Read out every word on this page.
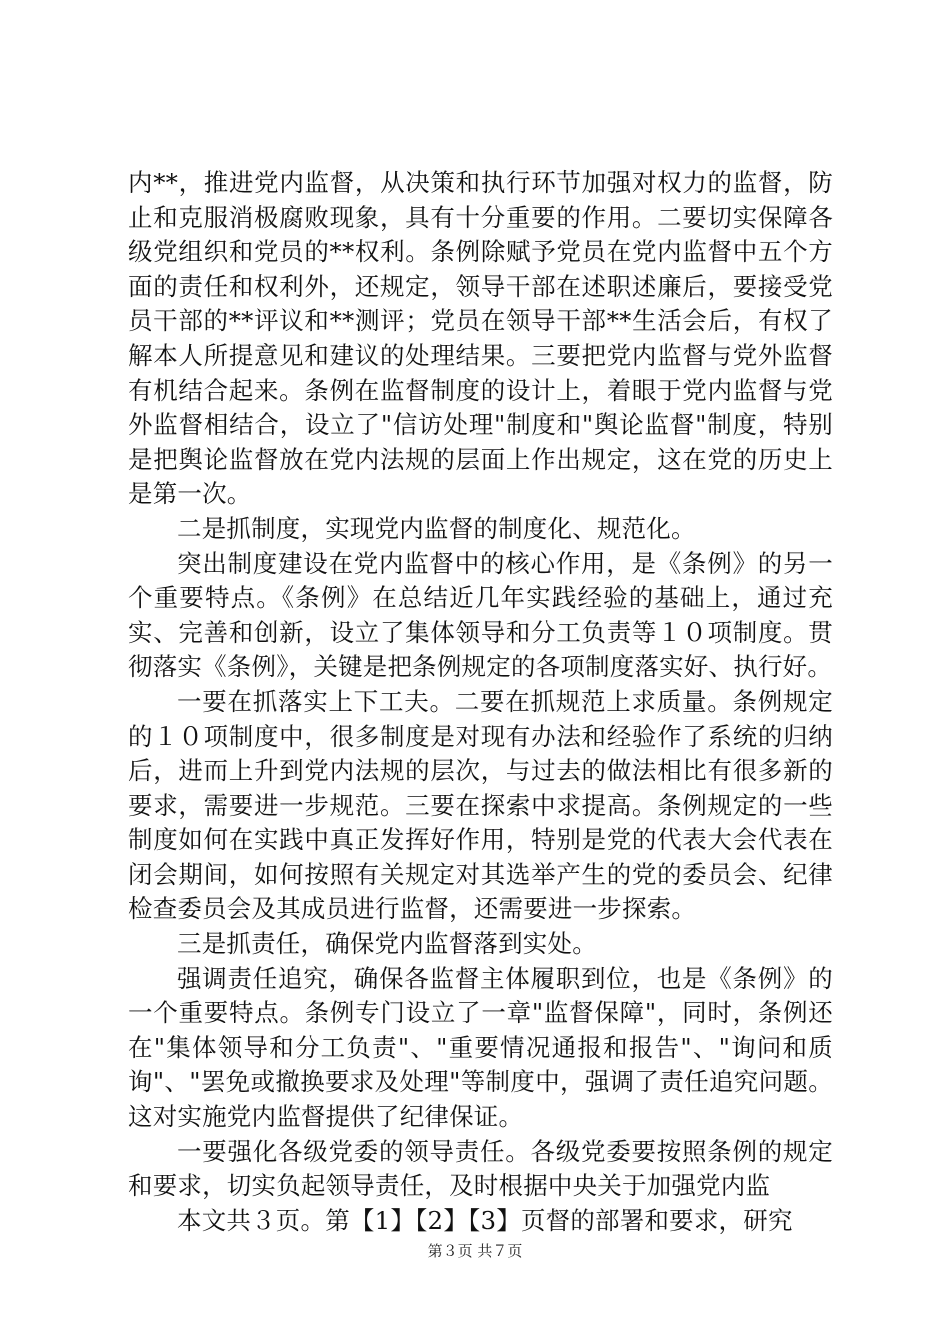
内**，推进党内监督，从决策和执行环节加强对权力的监督，防止和克服消极腐败现象，具有十分重要的作用。二要切实保障各级党组织和党员的**权利。条例除赋予党员在党内监督中五个方面的责任和权利外，还规定，领导干部在述职述廉后，要接受党员干部的**评议和**测评；党员在领导干部**生活会后，有权了解本人所提意见和建议的处理结果。三要把党内监督与党外监督有机结合起来。条例在监督制度的设计上，着眼于党内监督与党外监督相结合，设立了"信访处理"制度和"舆论监督"制度，特别是把舆论监督放在党内法规的层面上作出规定，这在党的历史上是第一次。

二是抓制度，实现党内监督的制度化、规范化。

突出制度建设在党内监督中的核心作用，是《条例》的另一个重要特点。《条例》在总结近几年实践经验的基础上，通过充实、完善和创新，设立了集体领导和分工负责等１０项制度。贯彻落实《条例》，关键是把条例规定的各项制度落实好、执行好。

一要在抓落实上下工夫。二要在抓规范上求质量。条例规定的１０项制度中，很多制度是对现有办法和经验作了系统的归纳后，进而上升到党内法规的层次，与过去的做法相比有很多新的要求，需要进一步规范。三要在探索中求提高。条例规定的一些制度如何在实践中真正发挥好作用，特别是党的代表大会代表在闭会期间，如何按照有关规定对其选举产生的党的委员会、纪律检查委员会及其成员进行监督，还需要进一步探索。

三是抓责任，确保党内监督落到实处。

强调责任追究，确保各监督主体履职到位，也是《条例》的一个重要特点。条例专门设立了一章"监督保障"，同时，条例还在"集体领导和分工负责"、"重要情况通报和报告"、"询问和质询"、"罢免或撤换要求及处理"等制度中，强调了责任追究问题。这对实施党内监督提供了纪律保证。

一要强化各级党委的领导责任。各级党委要按照条例的规定和要求，切实负起领导责任，及时根据中央关于加强党内监

本文共３页。第【1】【2】【3】页督的部署和要求，研究

第３页 共７页
